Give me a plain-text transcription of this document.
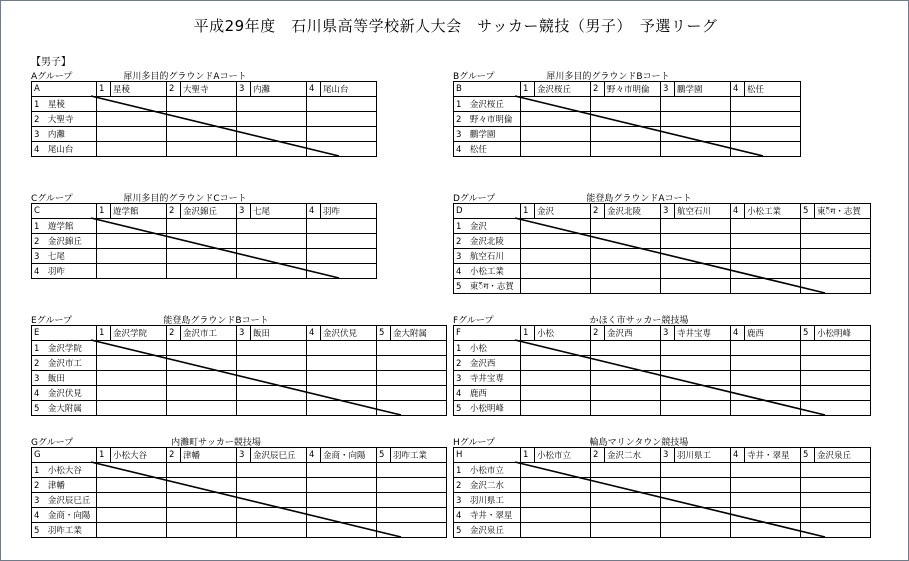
平成29年度　石川県高等学校新人大会　サッカー競技（男子）　予選リーグ
【男子】
Aグループ	犀川多目的グラウンドAコート
A	1	星稜	2	大聖寺	3	内灘	4	尾山台
1　星稜								
2　大聖寺								
3　内灘								
4　尾山台								
Bグループ	犀川多目的グラウンドBコート
B	1	金沢桜丘	2	野々市明倫	3	鵬学園	4	松任
1　金沢桜丘								
2　野々市明倫								
3　鵬学園								
4　松任								
Cグループ	犀川多目的グラウンドCコート
C	1	遊学館	2	金沢錦丘	3	七尾	4	羽咋
1　遊学館								
2　金沢錦丘								
3　七尾								
4　羽咋								
Dグループ	能登島グラウンドAコート
D	1	金沢	2	金沢北陵	3	航空石川	4	小松工業	5	東ैंग・志賀
1　金沢										
2　金沢北陵										
3　航空石川										
4　小松工業										
5　東ैंग・志賀										
Eグループ	能登島グラウンドBコート
E	1	金沢学院	2	金沢市工	3	飯田	4	金沢伏見	5	金大附属
1　金沢学院										
2　金沢市工										
3　飯田										
4　金沢伏見										
5　金大附属										
Fグループ	かほく市サッカー競技場
F	1	小松	2	金沢西	3	寺井宝専	4	鹿西	5	小松明峰
1　小松										
2　金沢西										
3　寺井宝専										
4　鹿西										
5　小松明峰										
Gグループ	内灘町サッカー競技場
G	1	小松大谷	2	津幡	3	金沢辰巳丘	4	金商・向陽	5	羽咋工業
1　小松大谷										
2　津幡										
3　金沢辰巳丘										
4　金商・向陽										
5　羽咋工業										
Hグループ	輪島マリンタウン競技場
H	1	小松市立	2	金沢二水	3	羽川県工	4	寺井・翠星	5	金沢泉丘
1　小松市立										
2　金沢二水										
3　羽川県工										
4　寺井・翠星										
5　金沢泉丘										
